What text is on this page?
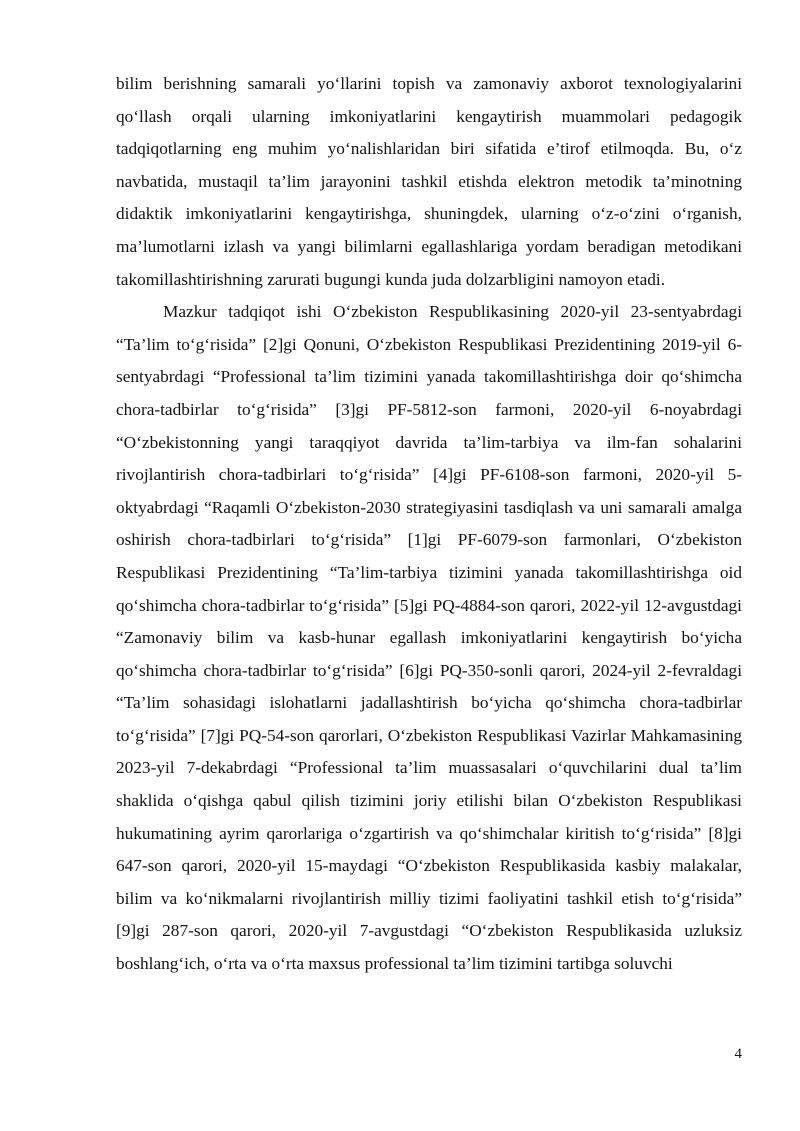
bilim berishning samarali yo‘llarini topish va zamonaviy axborot texnologiyalarini qo‘llash orqali ularning imkoniyatlarini kengaytirish muammolari pedagogik tadqiqotlarning eng muhim yo‘nalishlaridan biri sifatida e’tirof etilmoqda. Bu, o‘z navbatida, mustaqil ta’lim jarayonini tashkil etishda elektron metodik ta’minotning didaktik imkoniyatlarini kengaytirishga, shuningdek, ularning o‘z-o‘zini o‘rganish, ma’lumotlarni izlash va yangi bilimlarni egallashlariga yordam beradigan metodikani takomillashtirishning zarurati bugungi kunda juda dolzarbligini namoyon etadi.

Mazkur tadqiqot ishi O‘zbekiston Respublikasining 2020-yil 23-sentyabrdagi “Ta’lim to‘g‘risida” [2]gi Qonuni, O‘zbekiston Respublikasi Prezidentining 2019-yil 6-sentyabrdagi “Professional ta’lim tizimini yanada takomillashtirishga doir qo‘shimcha chora-tadbirlar to‘g‘risida” [3]gi PF-5812-son farmoni, 2020-yil 6-noyabrdagi “O‘zbekistonning yangi taraqqiyot davrida ta’lim-tarbiya va ilm-fan sohalarini rivojlantirish chora-tadbirlari to‘g‘risida” [4]gi PF-6108-son farmoni, 2020-yil 5-oktyabrdagi “Raqamli O‘zbekiston-2030 strategiyasini tasdiqlash va uni samarali amalga oshirish chora-tadbirlari to‘g‘risida” [1]gi PF-6079-son farmonlari, O‘zbekiston Respublikasi Prezidentining “Ta’lim-tarbiya tizimini yanada takomillashtirishga oid qo‘shimcha chora-tadbirlar to‘g‘risida” [5]gi PQ-4884-son qarori, 2022-yil 12-avgustdagi “Zamonaviy bilim va kasb-hunar egallash imkoniyatlarini kengaytirish bo‘yicha qo‘shimcha chora-tadbirlar to‘g‘risida” [6]gi PQ-350-sonli qarori, 2024-yil 2-fevraldagi “Ta’lim sohasidagi islohatlarni jadallashtirish bo‘yicha qo‘shimcha chora-tadbirlar to‘g‘risida” [7]gi PQ-54-son qarorlari, O‘zbekiston Respublikasi Vazirlar Mahkamasining 2023-yil 7-dekabrdagi “Professional ta’lim muassasalari o‘quvchilarini dual ta’lim shaklida o‘qishga qabul qilish tizimini joriy etilishi bilan O‘zbekiston Respublikasi hukumatining ayrim qarorlariga o‘zgartirish va qo‘shimchalar kiritish to‘g‘risida” [8]gi 647-son qarori, 2020-yil 15-maydagi “O‘zbekiston Respublikasida kasbiy malakalar, bilim va ko‘nikmalarni rivojlantirish milliy tizimi faoliyatini tashkil etish to‘g‘risida” [9]gi 287-son qarori, 2020-yil 7-avgustdagi “O‘zbekiston Respublikasida uzluksiz boshlang‘ich, o‘rta va o‘rta maxsus professional ta’lim tizimini tartibga soluvchi

4
